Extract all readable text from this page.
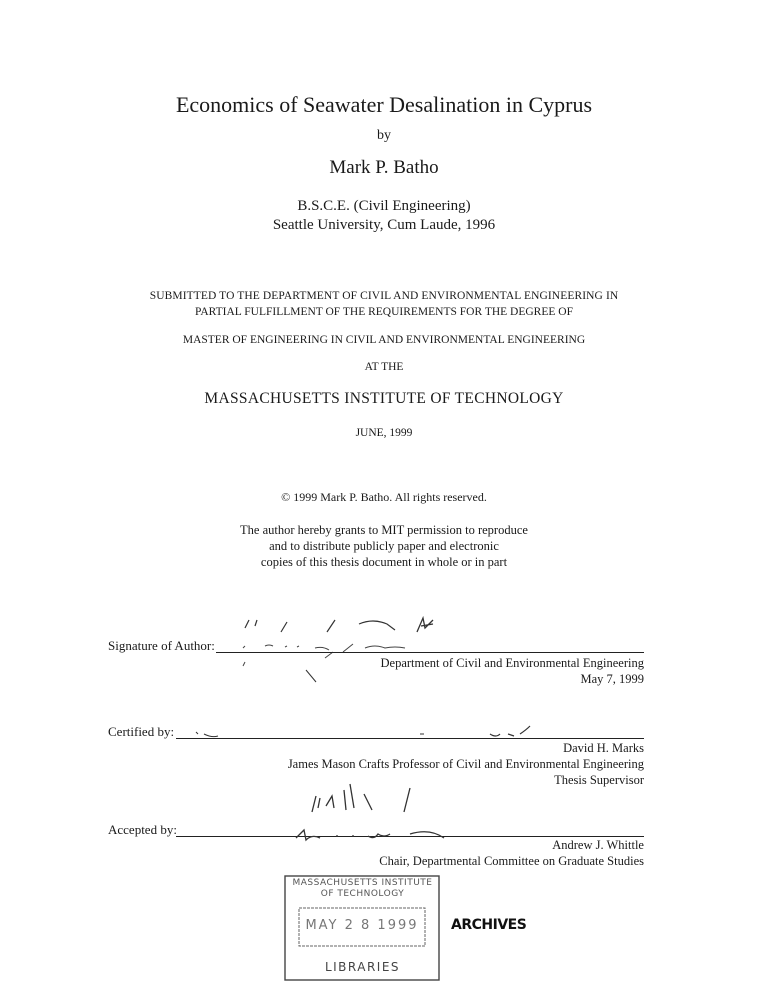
Economics of Seawater Desalination in Cyprus
by
Mark P. Batho
B.S.C.E. (Civil Engineering)
Seattle University, Cum Laude, 1996
SUBMITTED TO THE DEPARTMENT OF CIVIL AND ENVIRONMENTAL ENGINEERING IN
PARTIAL FULFILLMENT OF THE REQUIREMENTS FOR THE DEGREE OF
MASTER OF ENGINEERING IN CIVIL AND ENVIRONMENTAL ENGINEERING
AT THE
MASSACHUSETTS INSTITUTE OF TECHNOLOGY
JUNE, 1999
© 1999 Mark P. Batho. All rights reserved.
The author hereby grants to MIT permission to reproduce
and to distribute publicly paper and electronic
copies of this thesis document in whole or in part
Signature of Author:
Department of Civil and Environmental Engineering
May 7, 1999
Certified by:
David H. Marks
James Mason Crafts Professor of Civil and Environmental Engineering
Thesis Supervisor
Accepted by:
Andrew J. Whittle
Chair, Departmental Committee on Graduate Studies
MASSACHUSETTS INSTITUTE
OF TECHNOLOGY
MAY 2 8 1999
LIBRARIES
ARCHIVES
